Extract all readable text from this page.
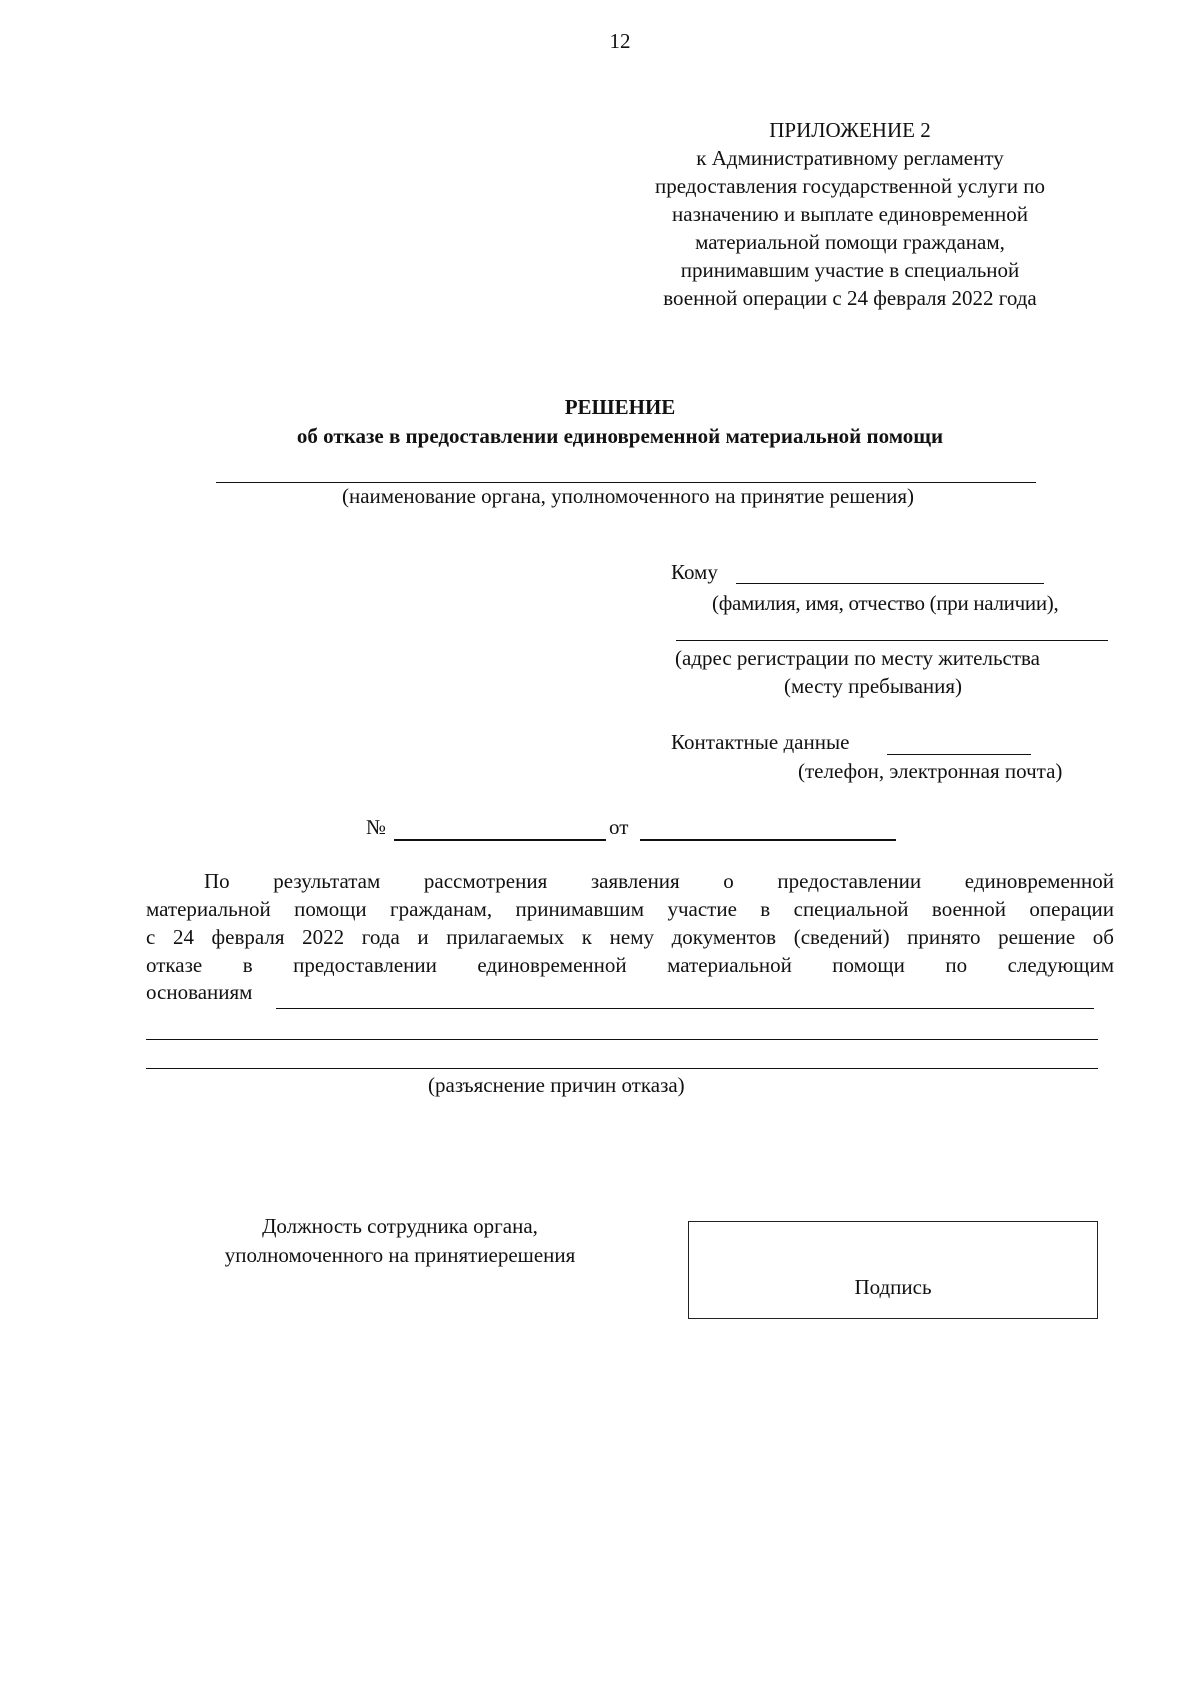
12
ПРИЛОЖЕНИЕ 2
к Административному регламенту
предоставления государственной услуги по
назначению и выплате единовременной
материальной помощи гражданам,
принимавшим участие в специальной
военной операции с 24 февраля 2022 года
РЕШЕНИЕ
об отказе в предоставлении единовременной материальной помощи
(наименование органа, уполномоченного на принятие решения)
Кому
(фамилия, имя, отчество (при наличии),
(адрес регистрации по месту жительства
(месту пребывания)
Контактные данные
(телефон, электронная почта)
№	от
По результатам рассмотрения заявления о предоставлении единовременной
материальной помощи гражданам, принимавшим участие в специальной военной операции
с 24 февраля 2022 года и прилагаемых к нему документов (сведений) принято решение об
отказе в предоставлении единовременной материальной помощи по следующим
основаниям
(разъяснение причин отказа)
Должность сотрудника органа,
уполномоченного на принятиерешения
Подпись
